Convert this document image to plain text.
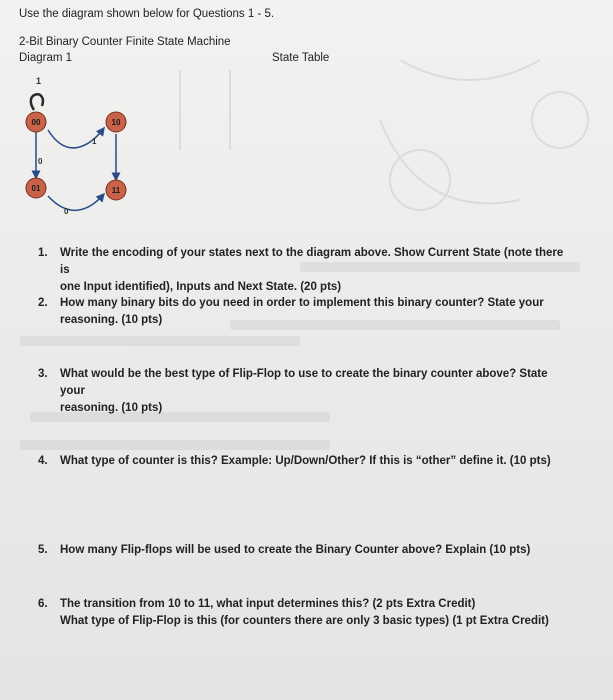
Use the diagram shown below for Questions 1 - 5.
2-Bit Binary Counter Finite State Machine
Diagram 1	State Table
1
1
0
0
00	10
01	11
1. Write the encoding of your states next to the diagram above. Show Current State (note there is
one Input identified), Inputs and Next State. (20 pts)
2. How many binary bits do you need in order to implement this binary counter? State your
reasoning. (10 pts)
3. What would be the best type of Flip-Flop to use to create the binary counter above? State your
reasoning. (10 pts)
4. What type of counter is this? Example: Up/Down/Other? If this is “other” define it. (10 pts)
5. How many Flip-flops will be used to create the Binary Counter above? Explain (10 pts)
6. The transition from 10 to 11, what input determines this? (2 pts Extra Credit)
What type of Flip-Flop is this (for counters there are only 3 basic types) (1 pt Extra Credit)
